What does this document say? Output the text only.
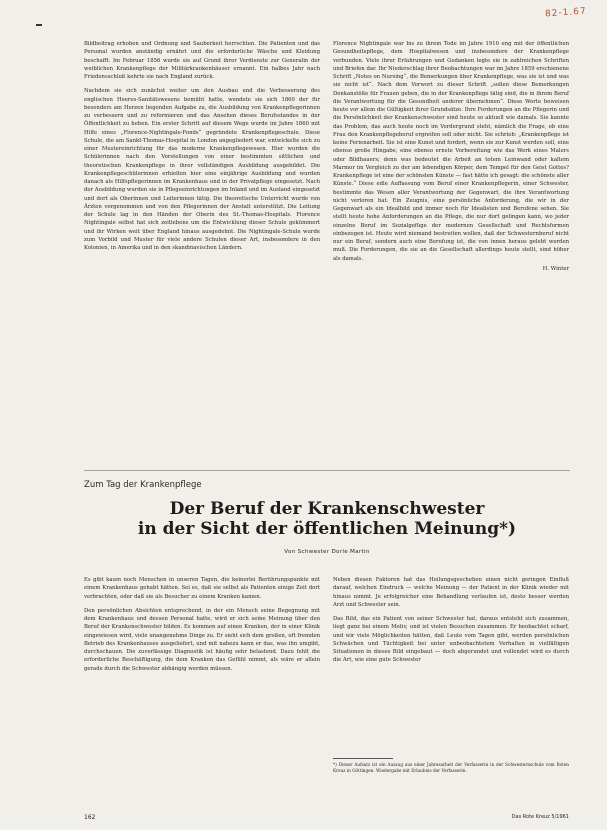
82-1.67

Bildbeitrag erhoben und Ordnung und Sauberkeit herrschten. Die Patienten und das Personal wurden anständig ernährt und die erforderliche Wäsche und Kleidung beschafft. Im Februar 1856 wurde sie auf Grund ihrer Verdienste zur Generalin der weiblichen Krankenpflege der Militärkrankenhäuser ernannt. Ein halbes Jahr nach Friedensschluß kehrte sie nach England zurück.

Nachdem sie sich zunächst weiter um den Ausbau und die Verbesserung des englischen Heeres-Sanitätswesens bemüht hatte, wendete sie sich 1860 der für besonders am Herzen liegenden Aufgabe zu, die Ausbildung von Krankenpflegerinnen zu verbessern und zu reformieren und das Ansehen dieses Berufsstandes in der Öffentlichkeit zu heben. Ein erster Schritt auf diesem Wege wurde im Jahre 1860 mit Hilfe eines „Florence-Nightingale-Fonds“ gegründete Krankenpflegeschule. Diese Schule, die am Sankt-Thomas-Hospital in London angegliedert war, entwickelte sich zu einer Mustereinrichtung für das moderne Krankenpflegewesen. Hier wurden die Schülerinnen nach den Vorstellungen von einer bestimmten sittlichen und theoretischen Krankenpflege in ihrer vollständigen Ausbildung ausgebildet. Die Krankenpflegeschülerinnen erhielten hier eine einjährige Ausbildung und wurden danach als Hilfspflegerinnen im Krankenhaus und in der Privatpflege eingesetzt. Nach der Ausbildung wurden sie in Pflegeeinrichtungen im Inland und im Ausland eingesetzt und dort als Oberinnen und Leiterinnen tätig. Die theoretische Unterricht wurde von Ärzten vorgenommen und von den Pflegerinnen der Anstalt unterstützt. Die Leitung der Schule lag in den Händen der Oberin des St.-Thomas-Hospitals. Florence Nightingale selbst hat sich zeitlebens um die Entwicklung dieser Schule gekümmert und ihr Wirken weit über England hinaus ausgedehnt. Die Nightingale-Schule wurde zum Vorbild und Muster für viele andere Schulen dieser Art, insbesondere in den Kolonien, in Amerika und in den skandinavischen Ländern.

Florence Nightingale war bis zu ihrem Tode im Jahre 1910 eng mit der öffentlichen Gesundheitspflege, dem Hospitalwesen und insbesondere der Krankenpflege verbunden. Viele ihrer Erfahrungen und Gedanken legte sie in zahlreichen Schriften und Briefen dar. Ihr Niederschlag ihrer Beobachtungen war im Jahre 1859 erschienene Schrift „Notes on Nursing“, die Bemerkungen über Krankenpflege, was sie ist und was sie nicht ist“. Nach dem Vorwort zu dieser Schrift „sollen diese Bemerkungen Denkanstöße für Frauen geben, die in der Krankenpflege tätig sind, die in ihrem Beruf die Verantwortung für die Gesundheit anderer übernehmen“. Diese Worte beweisen heute vor allem die Gültigkeit ihrer Grundsätze. Ihre Forderungen an die Pflegerin und die Persönlichkeit der Krankenschwester sind heute so aktuell wie damals. Sie kannte das Problem, das auch heute noch im Vordergrund steht, nämlich die Frage, ob eine Frau den Krankenpflegeberuf ergreifen soll oder nicht. Sie schrieb: „Krankenpflege ist keine Ferienarbeit. Sie ist eine Kunst und fordert, wenn sie zur Kunst werden soll, eine ebenso große Hingabe, eine ebenso ernste Vorbereitung wie das Werk eines Malers oder Bildhauers; denn was bedeutet die Arbeit an totem Leinwand oder kaltem Marmor im Vergleich zu der am lebendigen Körper, dem Tempel für den Geist Gottes? Krankenpflege ist eine der schönsten Künste — fast hätte ich gesagt: die schönste aller Künste.“ Diese edle Auffassung vom Beruf einer Krankenpflegerin, einer Schwester, bestimmte das Wesen aller Verantwortung der Gegenwart, die ihre Verantwortung nicht verloren hat. Ein Zeugnis, eine persönliche Anforderung, die wir in der Gegenwart als ein Idealbild und immer noch für Idealisten und Berufene sehen. Sie stellt heute hohe Anforderungen an die Pflege, die nur dort gelingen kann, wo jeder einzelne Beruf im Sozialgefüge der modernen Gesellschaft und Rechtsformen einbezogen ist. Heute wird niemand bestreiten wollen, daß der Schwesternberuf nicht nur ein Beruf, sondern auch eine Berufung ist, die von innen heraus gelebt werden muß. Die Forderungen, die sie an die Gesellschaft allerdings heute stellt, sind höher als damals.

H. Winter
Zum Tag der Krankenpflege
Der Beruf der Krankenschwester
in der Sicht der öffentlichen Meinung*)
Von Schwester Dorle Martin

Es gibt kaum noch Menschen in unseren Tagen, die keinerlei Berührungspunkte mit einem Krankenhaus gehabt hätten. Sei es, daß sie selbst als Patienten einige Zeit dort verbrachten, oder daß sie als Besucher zu einem Kranken kamen.

Den persönlichen Absichten entsprechend, in der ein Mensch seine Begegnung mit dem Krankenhaus und dessen Personal hatte, wird er sich seine Meinung über den Beruf der Krankenschwester bilden. Es kommen auf einen Kranken, der in einer Klinik eingewiesen wird, viele unangenehme Dinge zu. Er sieht sich dem großen, oft fremden Betrieb des Krankenhauses ausgeliefert, und mit nahezu kann er das, was ihn umgibt, durchschauen. Die zuverlässige Diagnostik ist häufig sehr belastend. Dazu fehlt die erforderliche Beschäftigung, die dem Kranken das Gefühl nimmt, als wäre er allein gerade durch die Schwester abhängig werden müssen.

Neben diesen Faktoren hat das Heilungsgeschehen einen nicht geringen Einfluß darauf, welchen Eindruck — welche Meinung — der Patient in der Klinik wieder mit hinaus nimmt. Je erfolgreicher eine Behandlung verlaufen ist, desto besser werden Arzt und Schwester sein.

Das Bild, das ein Patient von seiner Schwester hat, daraus entsteht sich zusammen, liegt ganz bei einem Motiv, und ist vielen Besuchen zusammen. Er beobachtet scharf, und wir viele Möglichkeiten hätten, daß Leute vom Tagen gibt, werden persönlichen Schwächen und Tüchtigkeit bei unter unbeobachtetem Verhalten in vielfältigen Situationen in dieses Bild eingebaut — doch abgerundet und vollendet wird es durch die Art, wie eine gute Schwester

*) Dieser Aufsatz ist ein Auszug aus einer Jahresarbeit der Verfasserin in der Schwesternschule vom Roten Kreuz in Göttingen. Wiedergabe mit Erlaubnis der Verfasserin.
162	Das Rote Kreuz 5/1961
